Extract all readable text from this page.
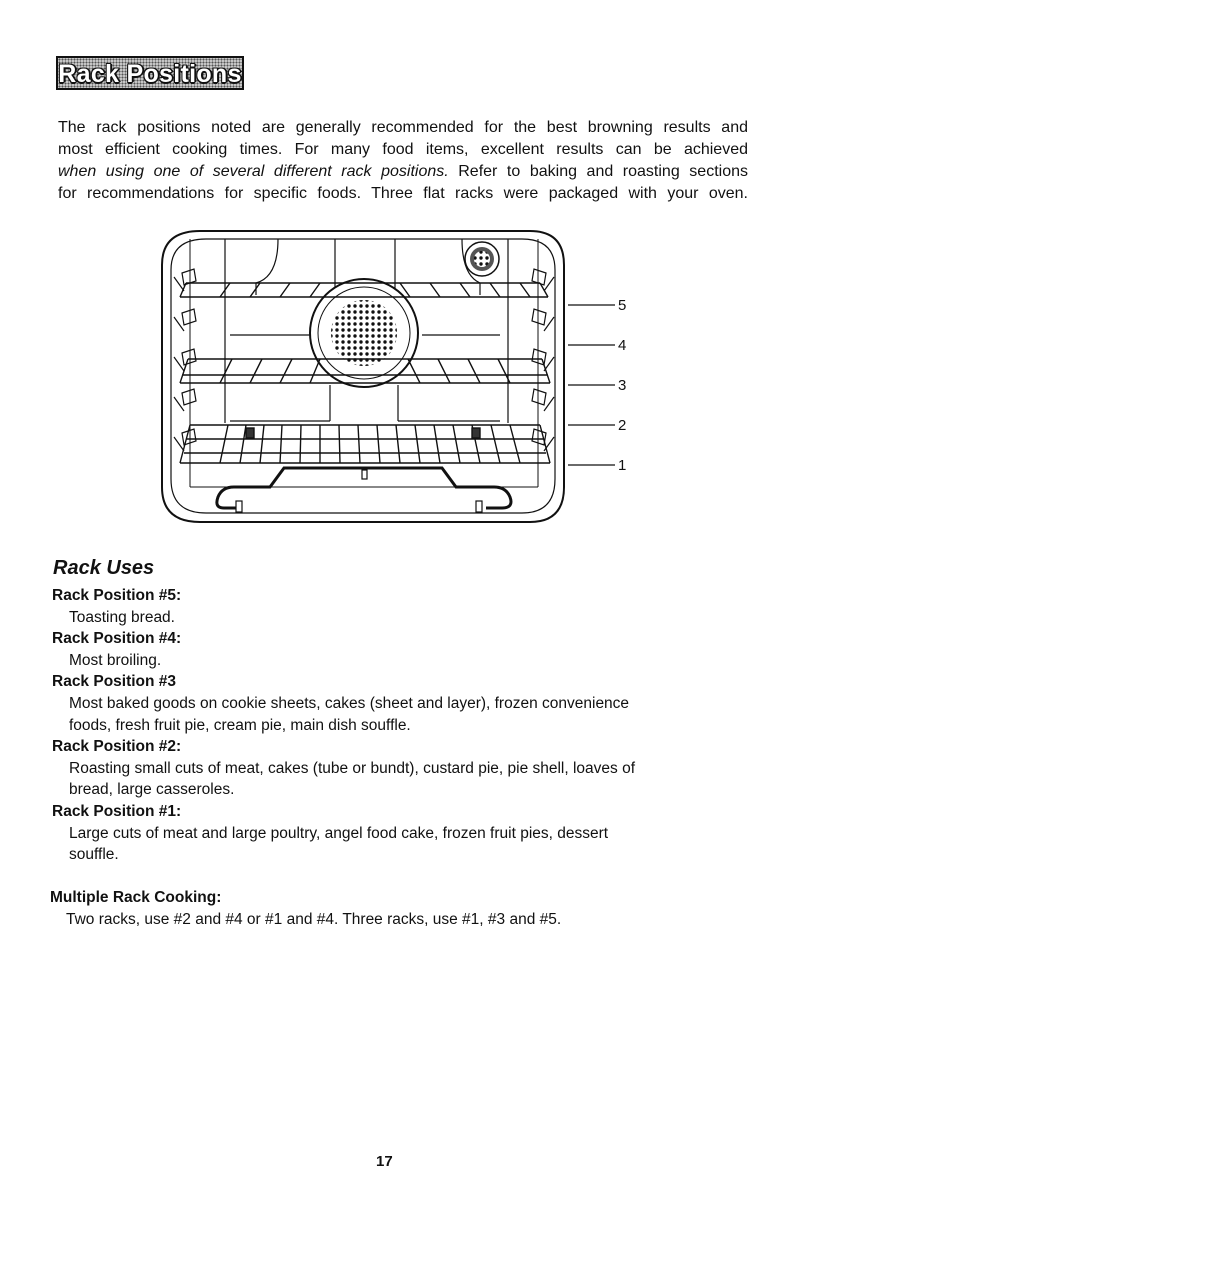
Rack Positions

The rack positions noted are generally recommended for the best browning results and
most efficient cooking times. For many food items, excellent results can be achieved
when using one of several different rack positions. Refer to baking and roasting sections
for recommendations for specific foods. Three flat racks were packaged with your oven.

5
4
3
2
1
Rack Uses

Rack Position #5:

Toasting bread.

Rack Position #4:

Most broiling.

Rack Position #3

Most baked goods on cookie sheets, cakes (sheet and layer), frozen convenience

foods, fresh fruit pie, cream pie, main dish souffle.

Rack Position #2:

Roasting small cuts of meat, cakes (tube or bundt), custard pie, pie shell, loaves of

bread, large casseroles.

Rack Position #1:

Large cuts of meat and large poultry, angel food cake, frozen fruit pies, dessert

souffle.

Multiple Rack Cooking:

Two racks, use #2 and #4 or #1 and #4. Three racks, use #1, #3 and #5.

17
